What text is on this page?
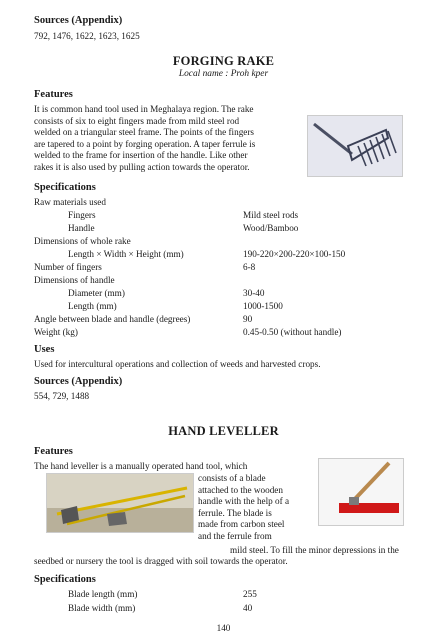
Sources (Appendix)
792, 1476, 1622, 1623, 1625
FORGING RAKE
Local name : Proh kper
Features
It is common hand tool used in Meghalaya region. The rake
consists of six to eight fingers made from mild steel rod
welded on a triangular steel frame. The points of the fingers
are tapered to a point by forging operation. A taper ferrule is
welded to the frame for insertion of the handle. Like other
rakes it is also used by pulling action towards the operator.
Specifications
Raw materials used
Fingers	Mild steel rods
Handle	Wood/Bamboo
Dimensions of whole rake
Length × Width × Height (mm)	190-220×200-220×100-150
Number of fingers	6-8
Dimensions of handle
Diameter (mm)	30-40
Length (mm)	1000-1500
Angle between blade and handle (degrees)	90
Weight (kg)	0.45-0.50 (without handle)
Uses
Used for intercultural operations and collection of weeds and harvested crops.
Sources (Appendix)
554, 729, 1488
HAND LEVELLER
Features
The hand leveller is a manually operated hand tool, which
consists of a blade
attached to the wooden
handle with the help of a
ferrule. The blade is
made from carbon steel
and the ferrule from
mild steel. To fill the minor depressions in the
seedbed or nursery the tool is dragged with soil towards the operator.
Specifications
Blade length (mm)	255
Blade width (mm)	40
140
